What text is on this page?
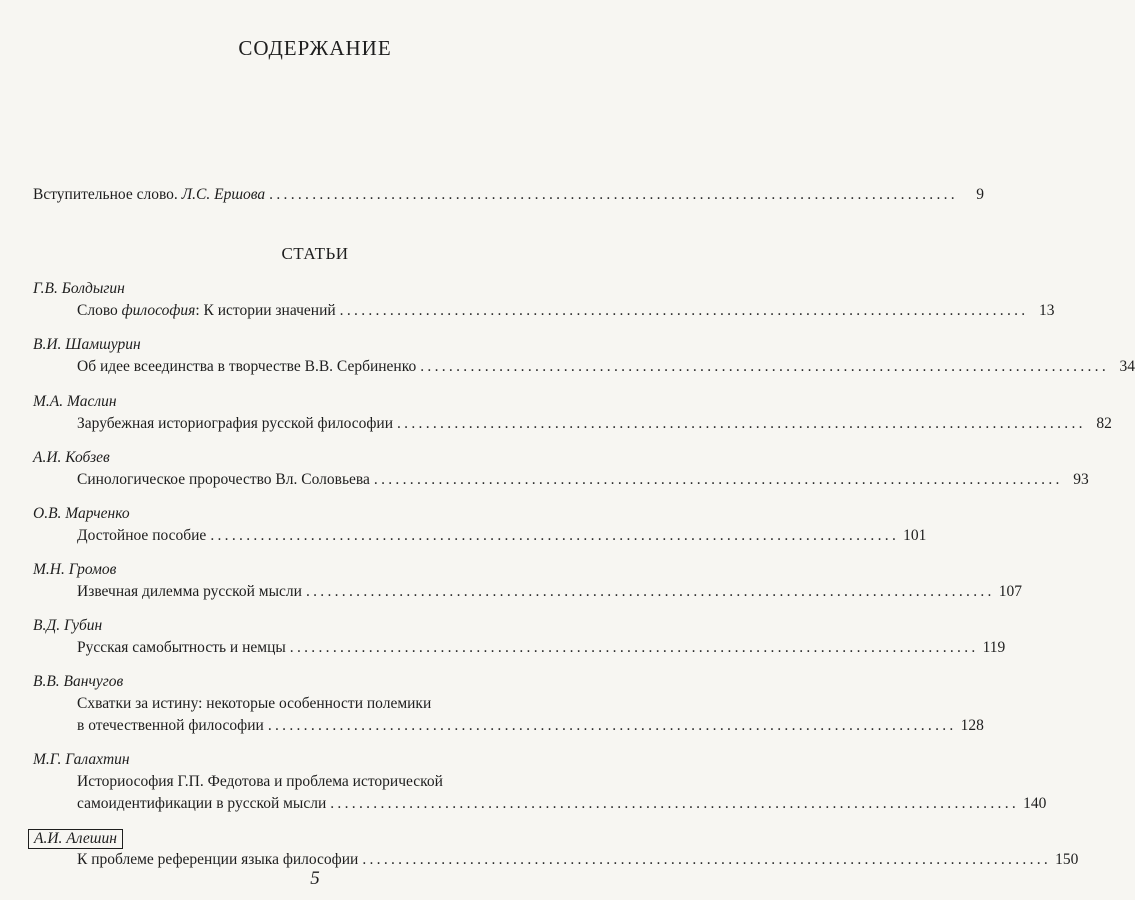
СОДЕРЖАНИЕ
Вступительное слово. Л.С. Ершова ................................................................................................	9
СТАТЬИ
Г.В. Болдыгин
Слово философия: К истории значений ................................................................................................ 13
В.И. Шамшурин
Об идее всеединства в творчестве В.В. Сербиненко ................................................................................................ 34
М.А. Маслин
Зарубежная историография русской философии ................................................................................................ 82
А.И. Кобзев
Синологическое пророчество Вл. Соловьева ................................................................................................ 93
О.В. Марченко
Достойное пособие ................................................................................................ 101
М.Н. Громов
Извечная дилемма русской мысли ................................................................................................ 107
В.Д. Губин
Русская самобытность и немцы ................................................................................................ 119
В.В. Ванчугов
Схватки за истину: некоторые особенности полемики
в отечественной философии ................................................................................................ 128
М.Г. Галахтин
Историософия Г.П. Федотова и проблема исторической
самоидентификации в русской мысли ................................................................................................ 140
А.И. Алешин
К проблеме референции языка философии ................................................................................................ 150
5
